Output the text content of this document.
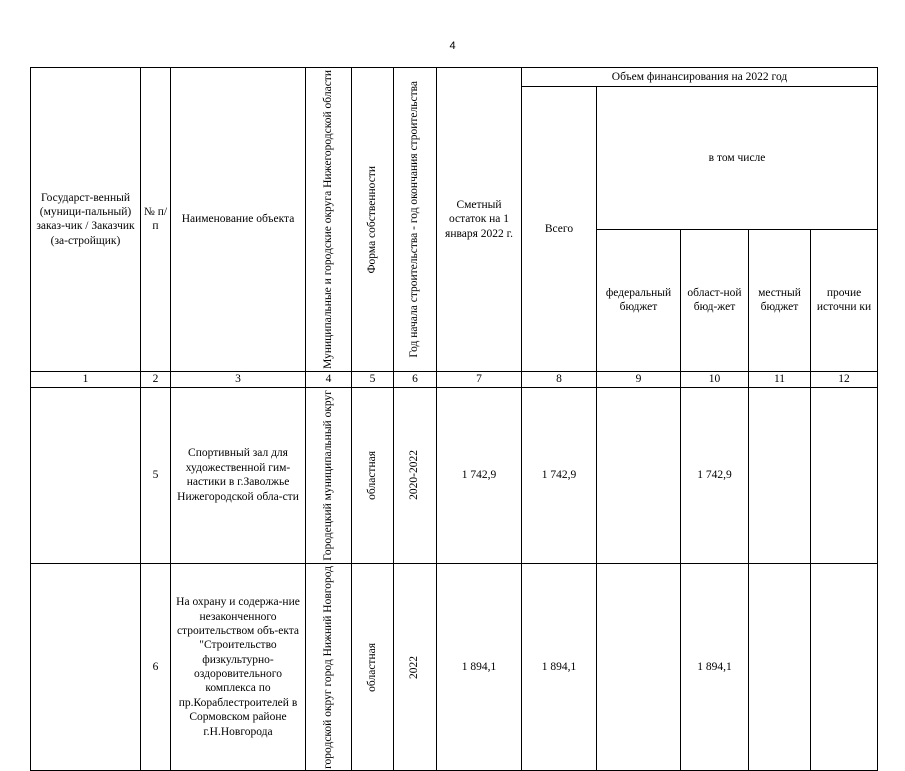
4
Государст-венный (муници-пальный) заказ-чик / Заказчик (за-стройщик)	№ п/п	Наименование объекта	Муниципальные и городские округа Нижегородской области	Форма собственности	Год начала строительства - год окончания строительства	Сметный остаток на 1 января 2022 г.	Объем финансирования на 2022 год				
							Всего	в том числе			
								федеральный бюджет	област-ной бюд-жет	местный бюджет	прочие источни ки
1	2	3	4	5	6	7	8	9	10	11	12
	5	Спортивный зал для художественной гим-настики в г.Заволжье Нижегородской обла-сти	Городецкий муниципальный округ	областная	2020-2022	1 742,9	1 742,9		1 742,9		
	6	На охрану и содержа-ние незаконченного строительством объ-екта "Строительство физкультурно-оздоровительного комплекса по пр.Кораблестроителей в Сормовском районе г.Н.Новгорода	городской округ город Нижний Новгород	областная	2022	1 894,1	1 894,1		1 894,1		
